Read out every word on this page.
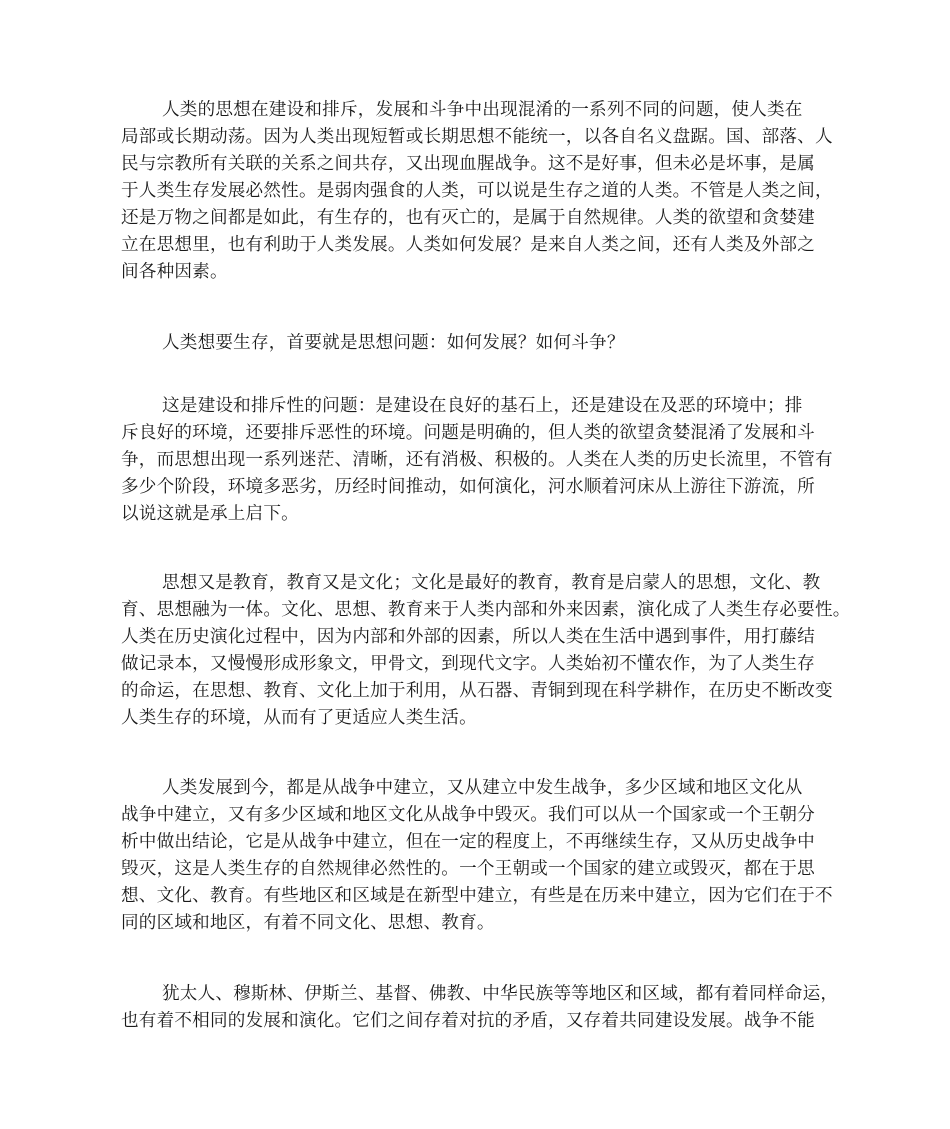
人类的思想在建设和排斥，发展和斗争中出现混淆的一系列不同的问题，使人类在
局部或长期动荡。因为人类出现短暂或长期思想不能统一，以各自名义盘踞。国、部落、人
民与宗教所有关联的关系之间共存，又出现血腥战争。这不是好事，但未必是坏事，是属
于人类生存发展必然性。是弱肉强食的人类，可以说是生存之道的人类。不管是人类之间，
还是万物之间都是如此，有生存的，也有灭亡的，是属于自然规律。人类的欲望和贪婪建
立在思想里，也有利助于人类发展。人类如何发展？是来自人类之间，还有人类及外部之
间各种因素。
人类想要生存，首要就是思想问题：如何发展？如何斗争？
这是建设和排斥性的问题：是建设在良好的基石上，还是建设在及恶的环境中；排
斥良好的环境，还要排斥恶性的环境。问题是明确的，但人类的欲望贪婪混淆了发展和斗
争，而思想出现一系列迷茫、清晰，还有消极、积极的。人类在人类的历史长流里，不管有
多少个阶段，环境多恶劣，历经时间推动，如何演化，河水顺着河床从上游往下游流，所
以说这就是承上启下。
思想又是教育，教育又是文化；文化是最好的教育，教育是启蒙人的思想，文化、教
育、思想融为一体。文化、思想、教育来于人类内部和外来因素，演化成了人类生存必要性。
人类在历史演化过程中，因为内部和外部的因素，所以人类在生活中遇到事件，用打藤结
做记录本，又慢慢形成形象文，甲骨文，到现代文字。人类始初不懂农作，为了人类生存
的命运，在思想、教育、文化上加于利用，从石器、青铜到现在科学耕作，在历史不断改变
人类生存的环境，从而有了更适应人类生活。
人类发展到今，都是从战争中建立，又从建立中发生战争，多少区域和地区文化从
战争中建立，又有多少区域和地区文化从战争中毁灭。我们可以从一个国家或一个王朝分
析中做出结论，它是从战争中建立，但在一定的程度上，不再继续生存，又从历史战争中
毁灭，这是人类生存的自然规律必然性的。一个王朝或一个国家的建立或毁灭，都在于思
想、文化、教育。有些地区和区域是在新型中建立，有些是在历来中建立，因为它们在于不
同的区域和地区，有着不同文化、思想、教育。
犹太人、穆斯林、伊斯兰、基督、佛教、中华民族等等地区和区域，都有着同样命运，
也有着不相同的发展和演化。它们之间存着对抗的矛盾，又存着共同建设发展。战争不能
